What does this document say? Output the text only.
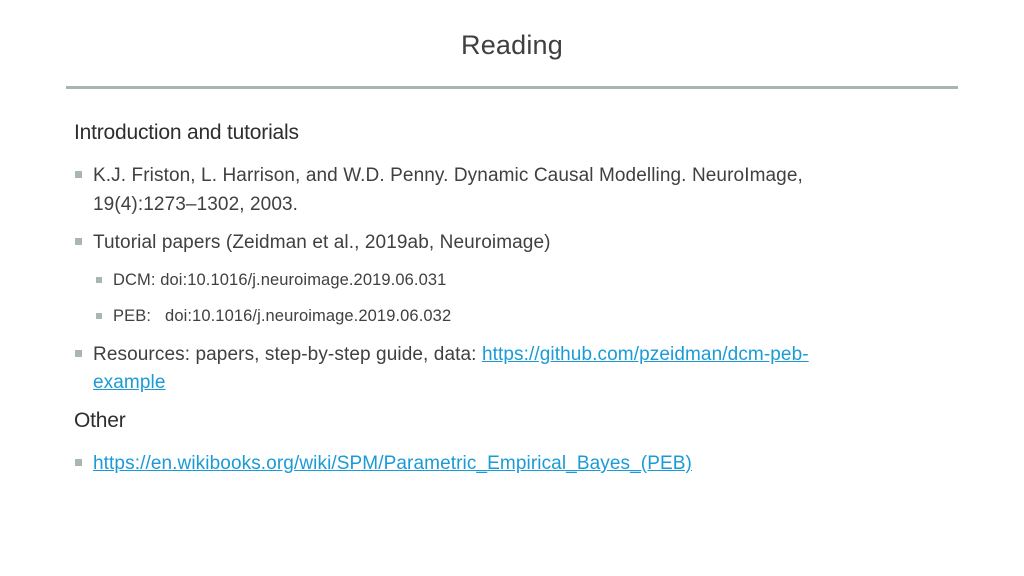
Reading
Introduction and tutorials
K.J. Friston, L. Harrison, and W.D. Penny. Dynamic Causal Modelling. NeuroImage,
19(4):1273–1302, 2003.
Tutorial papers (Zeidman et al., 2019ab, Neuroimage)
DCM: doi:10.1016/j.neuroimage.2019.06.031
PEB:   doi:10.1016/j.neuroimage.2019.06.032
Resources: papers, step-by-step guide, data: https://github.com/pzeidman/dcm-peb-
example
Other
https://en.wikibooks.org/wiki/SPM/Parametric_Empirical_Bayes_(PEB)
